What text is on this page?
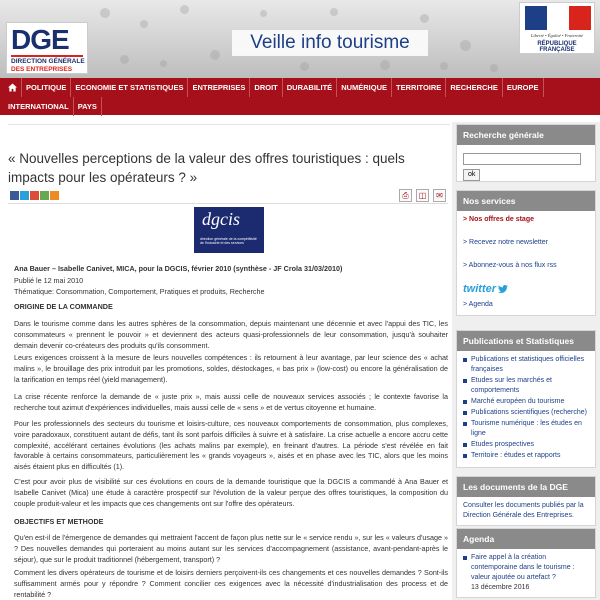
DGE
DIRECTION GÉNÉRALE
DES ENTREPRISES
Veille info tourisme	Liberté • Égalité • Fraternité
RÉPUBLIQUE FRANÇAISE
POLITIQUE	ECONOMIE ET STATISTIQUES	ENTREPRISES	DROIT	DURABILITÉ	NUMÉRIQUE	TERRITOIRE	RECHERCHE	EUROPE
INTERNATIONAL	PAYS
« Nouvelles perceptions de la valeur des offres touristiques : quels impacts pour les opérateurs ? »
⎙	◫	✉
dgcis
direction générale de la compétitivité de l'industrie et des services
Ana Bauer – Isabelle Canivet, MICA, pour la DGCIS, février 2010 (synthèse - JF Crola 31/03/2010)
Publié le 12 mai 2010
Thématique: Consommation, Comportement, Pratiques et produits, Recherche
ORIGINE DE LA COMMANDE
Dans le tourisme comme dans les autres sphères de la consommation, depuis maintenant une décennie et avec l'appui des TIC, les consommateurs « prennent le pouvoir » et deviennent des acteurs quasi-professionnels de leur consommation, jusqu'à souhaiter demain devenir co-créateurs des produits qu'ils consomment.
Leurs exigences croissent à la mesure de leurs nouvelles compétences : ils retournent à leur avantage, par leur science des « achat malins », le brouillage des prix introduit par les promotions, soldes, déstockages, « bas prix » (low-cost) ou encore la généralisation de la tarification en temps réel (yield management).
La crise récente renforce la demande de « juste prix », mais aussi celle de nouveaux services associés ; le contexte favorise la recherche tout azimut d'expériences individuelles, mais aussi celle de « sens » et de vertus citoyenne et humaine.
Pour les professionnels des secteurs du tourisme et loisirs-culture, ces nouveaux comportements de consommation, plus complexes, voire paradoxaux, constituent autant de défis, tant ils sont parfois difficiles à suivre et à satisfaire. La crise actuelle a encore accru cette complexité, accélérant certaines évolutions (les achats malins par exemple), en freinant d'autres. La période s'est révélée en fait favorable à certains consommateurs, particulièrement les « grands voyageurs », aisés et en phase avec les TIC, alors que les moins aisés étaient plus en difficultés (1).
C'est pour avoir plus de visibilité sur ces évolutions en cours de la demande touristique que la DGCIS a commandé à Ana Bauer et Isabelle Canivet (Mica) une étude à caractère prospectif sur l'évolution de la valeur perçue des offres touristiques, la composition du couple produit-valeur et les impacts que ces changements ont sur l'offre des opérateurs.
OBJECTIFS ET METHODE
Qu'en est-il de l'émergence de demandes qui mettraient l'accent de façon plus nette sur le « service rendu », sur les « valeurs d'usage » ? Des nouvelles demandes qui porteraient au moins autant sur les services d'accompagnement (assistance, avant-pendant-après le séjour), que sur le produit traditionnel (hébergement, transport) ?
Comment les divers opérateurs de tourisme et de loisirs derniers perçoivent-ils ces changements et ces nouvelles demandes ? Sont-ils suffisamment armés pour y répondre ? Comment concilier ces exigences avec la nécessité d'industrialisation des process et de rentabilité ?
Recherche générale
ok
Nos services
> Nos offres de stage
> Recevez notre newsletter
> Abonnez-vous à nos flux rss
twitter
> Agenda
Publications et Statistiques
Publications et statistiques officielles françaises
Etudes sur les marchés et comportements
Marché européen du tourisme
Publications scientifiques (recherche)
Tourisme numérique : les études en ligne
Etudes prospectives
Territoire : études et rapports
Les documents de la DGE
Consulter les documents publiés par la Direction Générale des Entreprises.
Agenda
Faire appel à la création contemporaine dans le tourisme : valeur ajoutée ou artefact ?
13 décembre 2016
